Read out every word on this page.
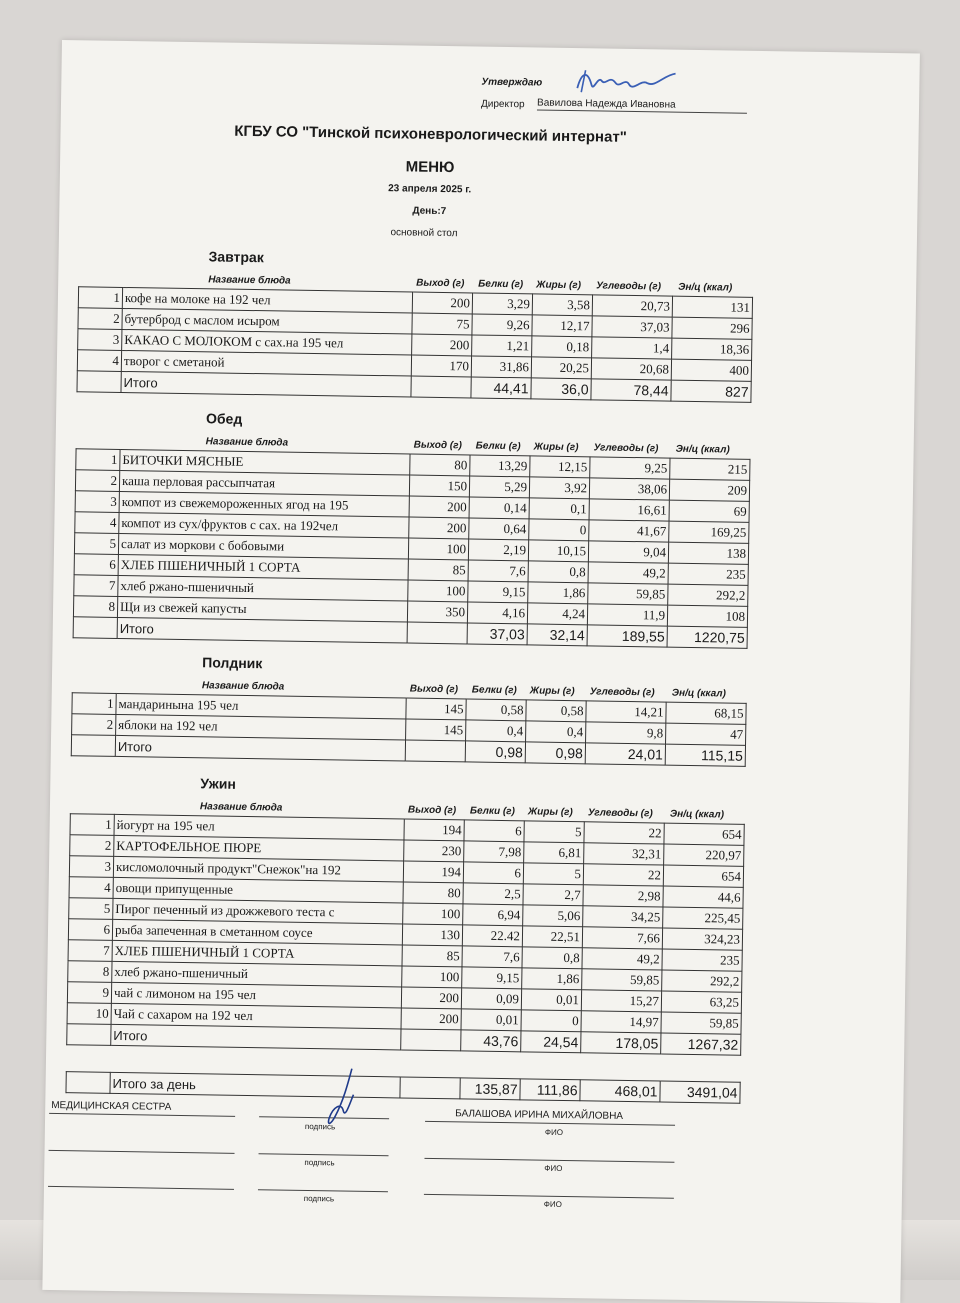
Утверждаю
Директор Вавилова Надежда Ивановна
КГБУ СО "Тинской психоневрологический интернат"
МЕНЮ
23 апреля 2025 г.
День:7
основной стол
Завтрак
Название блюда	Выход (г) Белки (г) Жиры (г) Углеводы (г) Эн/ц (ккал)
1	кофе на молоке на 192 чел	200	3,29	3,58	20,73	131
2	бутерброд с маслом исыром	75	9,26	12,17	37,03	296
3	КАКАО С МОЛОКОМ с сах.на 195 чел	200	1,21	0,18	1,4	18,36
4	творог с сметаной	170	31,86	20,25	20,68	400
	Итого		44,41	36,0	78,44	827
Обед
Название блюда	Выход (г) Белки (г) Жиры (г) Углеводы (г) Эн/ц (ккал)
1	БИТОЧКИ МЯСНЫЕ	80	13,29	12,15	9,25	215
2	каша перловая рассыпчатая	150	5,29	3,92	38,06	209
3	компот из свежемороженных ягод на 195	200	0,14	0,1	16,61	69
4	компот из сух/фруктов с сах. на 192чел	200	0,64	0	41,67	169,25
5	салат из моркови с бобовыми	100	2,19	10,15	9,04	138
6	ХЛЕБ ПШЕНИЧНЫЙ 1 СОРТА	85	7,6	0,8	49,2	235
7	хлеб ржано-пшеничный	100	9,15	1,86	59,85	292,2
8	Щи из свежей капусты	350	4,16	4,24	11,9	108
	Итого		37,03	32,14	189,55	1220,75
Полдник
Название блюда	Выход (г) Белки (г) Жиры (г) Углеводы (г) Эн/ц (ккал)
1	мандаринына 195 чел	145	0,58	0,58	14,21	68,15
2	яблоки на 192 чел	145	0,4	0,4	9,8	47
	Итого		0,98	0,98	24,01	115,15
Ужин
Название блюда	Выход (г) Белки (г) Жиры (г) Углеводы (г) Эн/ц (ккал)
1	йогурт на 195 чел	194	6	5	22	654
2	КАРТОФЕЛЬНОЕ ПЮРЕ	230	7,98	6,81	32,31	220,97
3	кисломолочный продукт"Снежок"на 192	194	6	5	22	654
4	овощи припущенные	80	2,5	2,7	2,98	44,6
5	Пирог печенный из дрожжевого теста с	100	6,94	5,06	34,25	225,45
6	рыба запеченная в сметанном соусе	130	22.42	22,51	7,66	324,23
7	ХЛЕБ ПШЕНИЧНЫЙ 1 СОРТА	85	7,6	0,8	49,2	235
8	хлеб ржано-пшеничный	100	9,15	1,86	59,85	292,2
9	чай с лимоном на 195 чел	200	0,09	0,01	15,27	63,25
10	Чай с сахаром на 192 чел	200	0,01	0	14,97	59,85
	Итого		43,76	24,54	178,05	1267,32
	Итого за день		135,87	111,86	468,01	3491,04
МЕДИЦИНСКАЯ СЕСТРА
подпись
БАЛАШОВА ИРИНА МИХАЙЛОВНА
ФИО
подпись
ФИО
подпись
ФИО
